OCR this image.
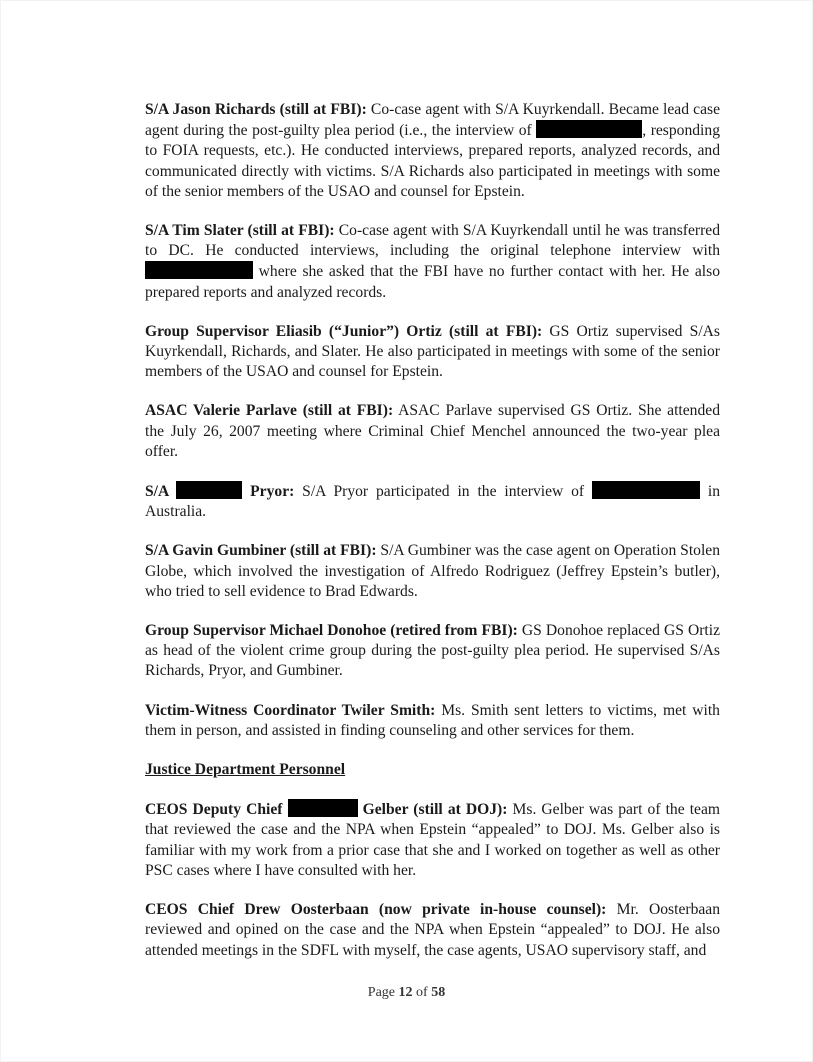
S/A Jason Richards (still at FBI): Co-case agent with S/A Kuyrkendall. Became lead case agent during the post-guilty plea period (i.e., the interview of	, responding to FOIA requests, etc.). He conducted interviews, prepared reports, analyzed records, and communicated directly with victims. S/A Richards also participated in meetings with some of the senior members of the USAO and counsel for Epstein.

S/A Tim Slater (still at FBI): Co-case agent with S/A Kuyrkendall until he was transferred to DC. He conducted interviews, including the original telephone interview with  where she asked that the FBI have no further contact with her. He also prepared reports and analyzed records.

Group Supervisor Eliasib (“Junior”) Ortiz (still at FBI): GS Ortiz supervised S/As Kuyrkendall, Richards, and Slater. He also participated in meetings with some of the senior members of the USAO and counsel for Epstein.

ASAC Valerie Parlave (still at FBI): ASAC Parlave supervised GS Ortiz. She attended the July 26, 2007 meeting where Criminal Chief Menchel announced the two-year plea offer.

S/A	Pryor: S/A Pryor participated in the interview of	in Australia.

S/A Gavin Gumbiner (still at FBI): S/A Gumbiner was the case agent on Operation Stolen Globe, which involved the investigation of Alfredo Rodriguez (Jeffrey Epstein’s butler), who tried to sell evidence to Brad Edwards.

Group Supervisor Michael Donohoe (retired from FBI): GS Donohoe replaced GS Ortiz as head of the violent crime group during the post-guilty plea period. He supervised S/As Richards, Pryor, and Gumbiner.

Victim-Witness Coordinator Twiler Smith: Ms. Smith sent letters to victims, met with them in person, and assisted in finding counseling and other services for them.

Justice Department Personnel

CEOS Deputy Chief	Gelber (still at DOJ): Ms. Gelber was part of the team that reviewed the case and the NPA when Epstein “appealed” to DOJ. Ms. Gelber also is familiar with my work from a prior case that she and I worked on together as well as other PSC cases where I have consulted with her.

CEOS Chief Drew Oosterbaan (now private in-house counsel): Mr. Oosterbaan reviewed and opined on the case and the NPA when Epstein “appealed” to DOJ. He also attended meetings in the SDFL with myself, the case agents, USAO supervisory staff, and

Page 12 of 58
